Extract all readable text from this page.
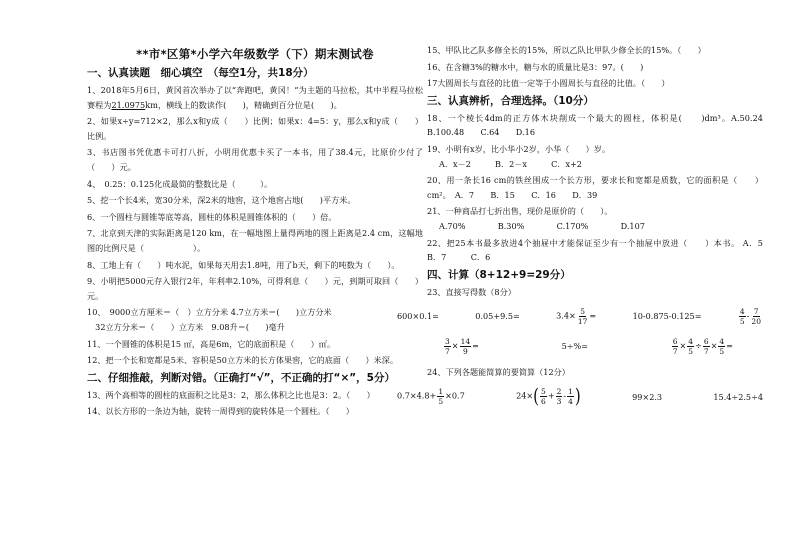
**市*区第*小学六年级数学（下）期末测试卷
一、认真读题　细心填空　（每空1分，共18分）
1、2018年5月6日，黄冈首次举办了以“奔跑吧，黄冈！”为主题的马拉松，其中半程马拉松赛程为21.0975km，横线上的数读作(　　)，精确到百分位是(　　)。
2、如果x÷y=712×2，那么x和y成（　　）比例；如果x：4=5：y，那么x和y成（　　）比例。
3、书店图书凭优惠卡可打八折，小明用优惠卡买了一本书，用了38.4元，比原价少付了（　　）元。
4、　0.25：0.125化成最简的整数比是（　　　）。
5、挖一个长4米，宽30分米，深2米的地窖，这个地窖占地(　　)平方米。
6、一个圆柱与圆锥等底等高，圆柱的体积是圆锥体积的（　　）倍。
7、北京到天津的实际距离是120 km，在一幅地图上量得两地的图上距离是2.4 cm，这幅地图的比例尺是（　　　　　　）。
8、工地上有（　　）吨水泥，如果每天用去1.8吨，用了b天，剩下的吨数为（　　）。
9、小明把5000元存入银行2年，年利率2.10%，可得利息（　　）元，到期可取回（　　）元。
10、　9000立方厘米＝（　）立方分米 4.7立方米＝(　　)立方分米
　32立方分米＝（　　）立方米　9.08升＝(　　)毫升
11、一个圆锥的体积是15 ㎡，高是6m，它的底面积是（　　）㎡。
12、把一个长和宽都是5米、容积是50立方米的长方体果窖，它的底面（　　）米深。
二、仔细推敲，判断对错。（正确打“√”，不正确的打“×”，5分）
13、两个高相等的圆柱的底面积之比是3：2，那么体积之比也是3：2。（　　）
14、以长方形的一条边为轴，旋转一周得到的旋转体是一个圆柱。（　　）
15、甲队比乙队多修全长的15%，所以乙队比甲队少修全长的15%。（　　）
16、在含糖3%的糖水中，糖与水的质量比是3：97。(　　)
17大圆周长与直径的比值一定等于小圆周长与直径的比值。（　　）
三、认真辨析，合理选择。（10分）
18、一个棱长4dm的正方体木块削成一个最大的圆柱，体积是(　　)dm³。A.50.24　　B.100.48　　C.64　　D.16
19、小明有x岁，比小华小2岁，小华（　　）岁。
A．x－2　　　B．2－x　　　C．x+2
20、用一条长16 cm的铁丝围成一个长方形，要求长和宽都是质数，它的面积是（　　）cm²。　A．7　　B．15　　C．16　　D．39
21、一种商品打七折出售，现价是原价的（　　）。
A.70%　　　　B.30%　　　　C.170%　　　　D.107
22、把25本书最多放进4个抽屉中才能保证至少有一个抽屉中放进（　　）本书。 A．5　　　B．7　　　C．6
四、计算（8+12+9=29分）
23、直接写得数（8分）
600×0.1=	0.05+9.5=	$3.4\times \frac{5}{17}$ =	10-0.875-0.125=	$\frac{4}{5} - \frac{7}{20}$
$\frac{3}{7} \times \frac{14}{9}$ =	5÷%=	$\frac{6}{7} \times \frac{4}{5} \div \frac{6}{7} \times \frac{4}{5}$ =
24、下列各题能简算的要简算（12分）
$0.7\times 4.8+ \frac{1}{5} \times 0.7$	$24\times( \frac{5}{6} + \frac{2}{3} - \frac{1}{4}$ )	99×2.3	15.4÷2.5÷4
